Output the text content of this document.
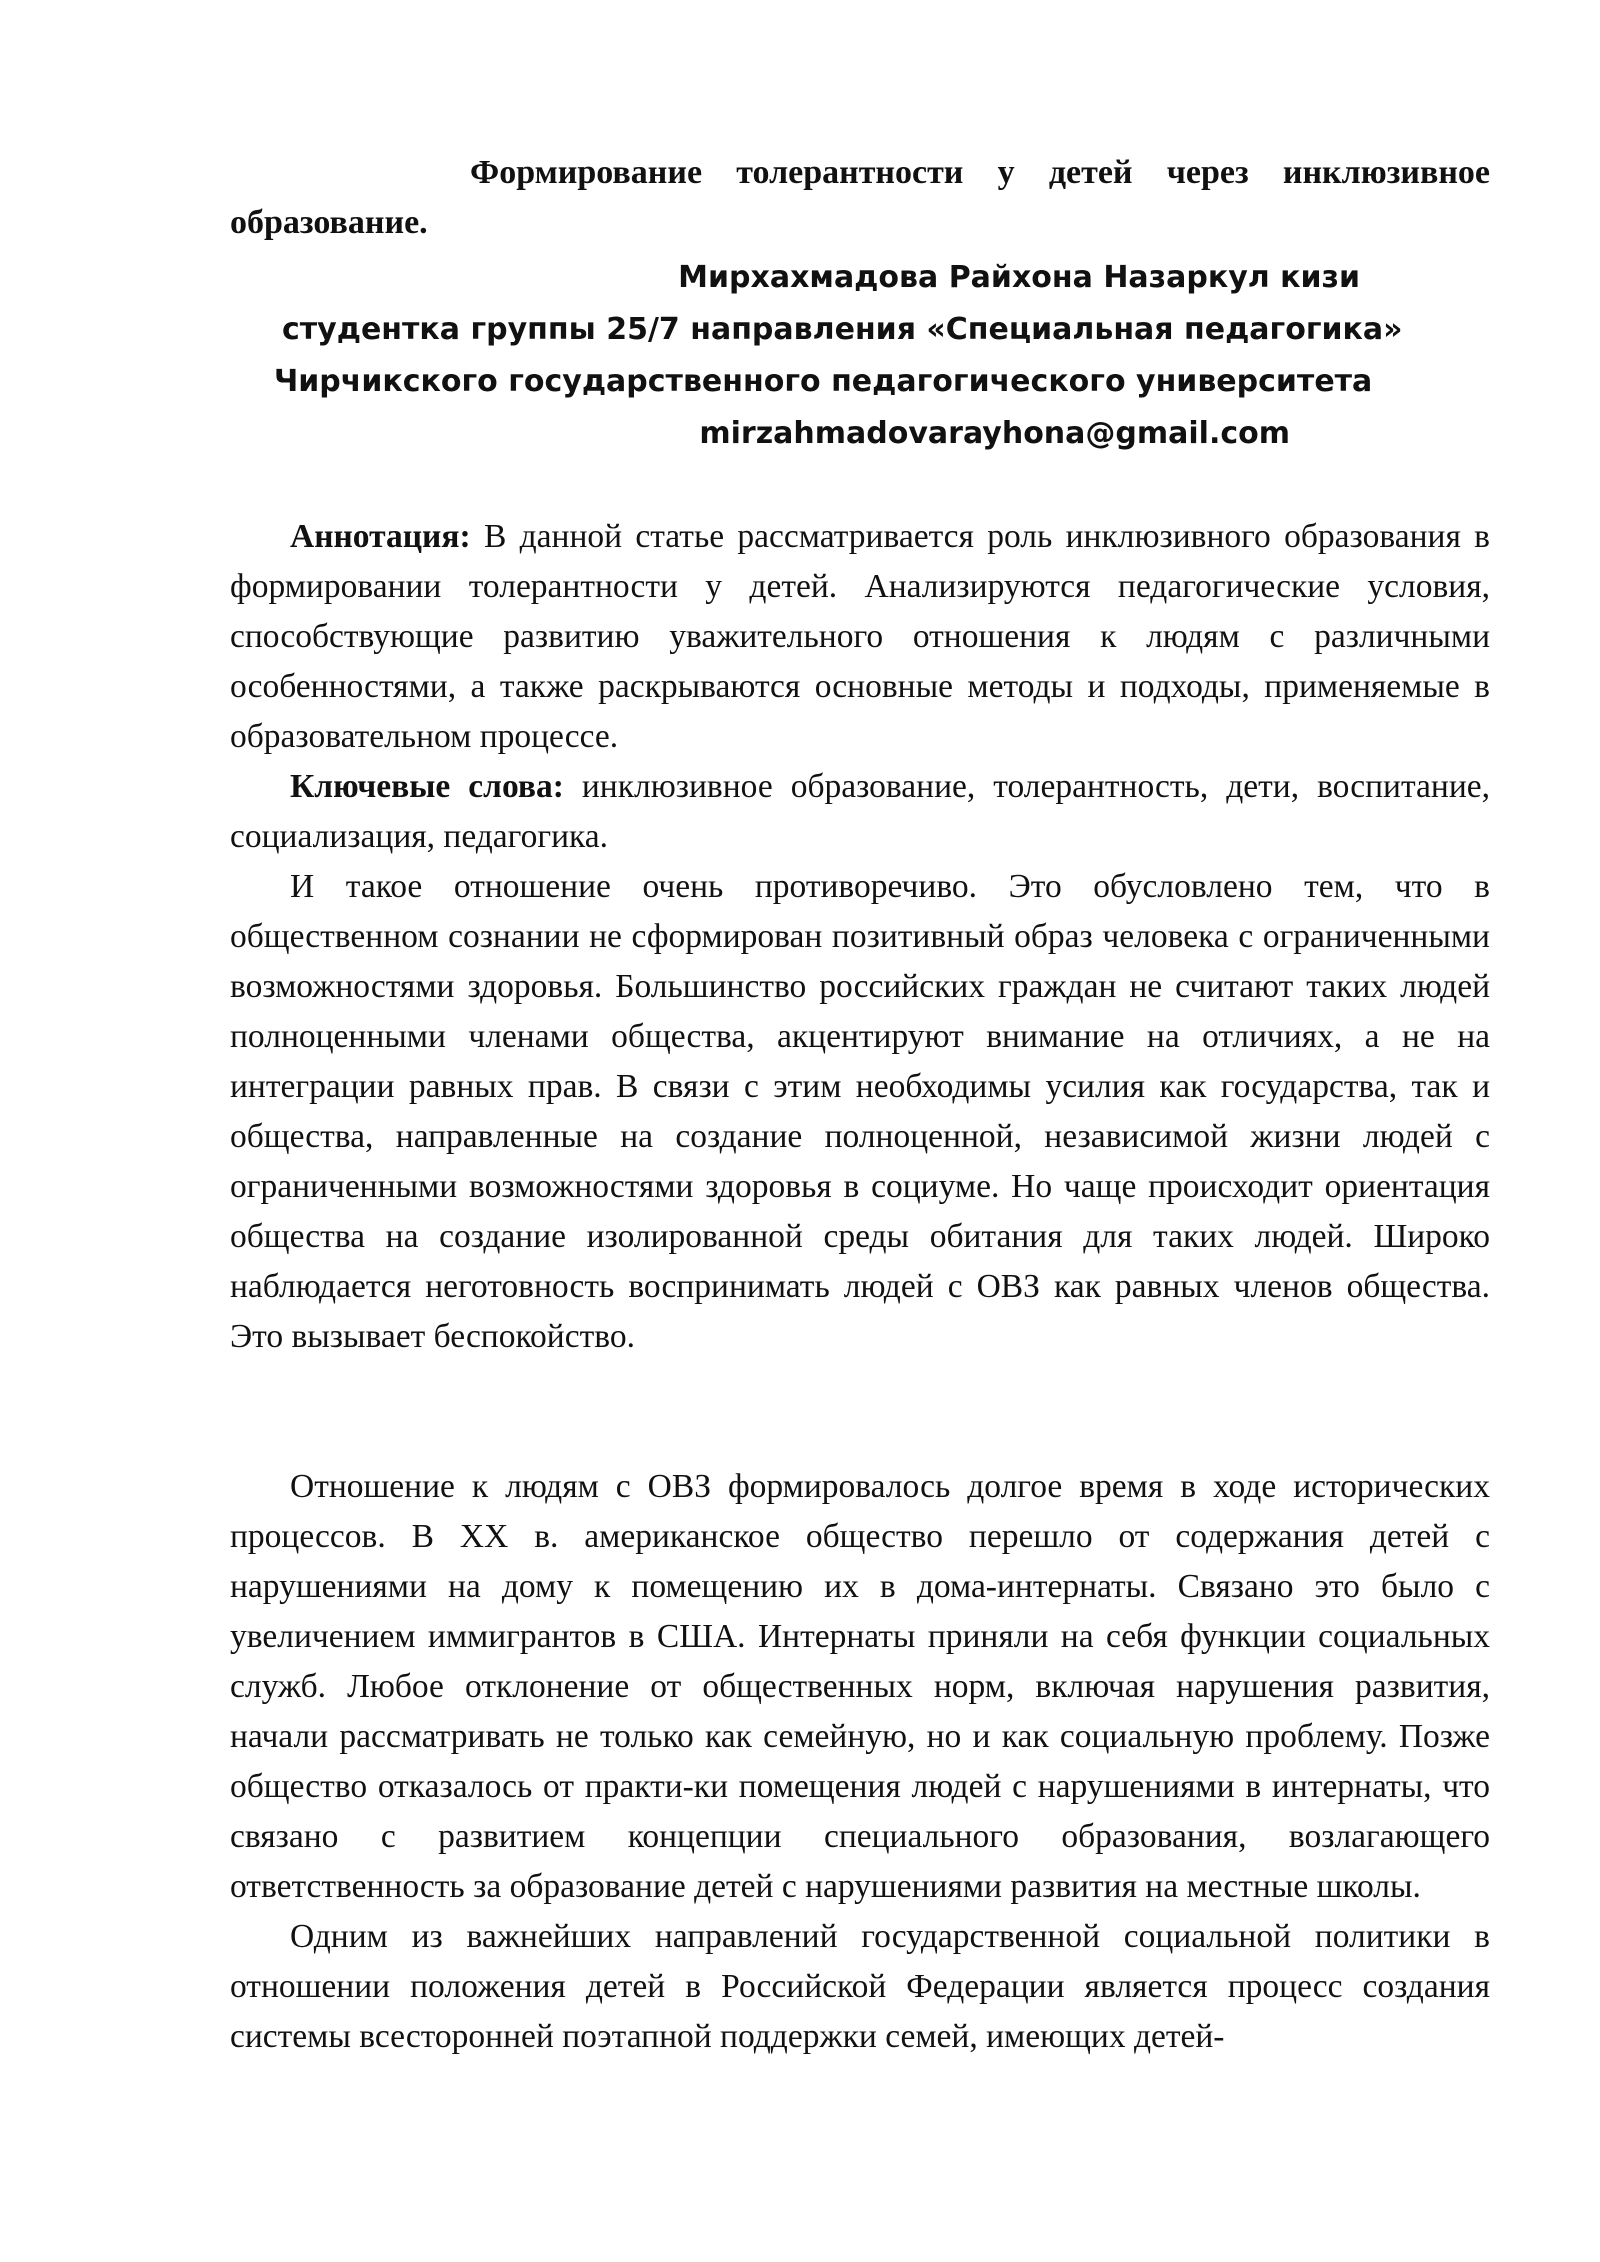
Формирование толерантности у детей через инклюзивное образование.

Мирхахмадова Райхона Назаркул кизи

студентка группы 25/7 направления «Специальная педагогика»

Чирчикского государственного педагогического университета

mirzahmadovarayhona@gmail.com

Аннотация: В данной статье рассматривается роль инклюзивного образования в формировании толерантности у детей. Анализируются педагогические условия, способствующие развитию уважительного отношения к людям с различными особенностями, а также раскрываются основные методы и подходы, применяемые в образовательном процессе.

Ключевые слова: инклюзивное образование, толерантность, дети, воспитание, социализация, педагогика.

И такое отношение очень противоречиво. Это обусловлено тем, что в общественном сознании не сформирован позитивный образ человека с ограниченными возможностями здоровья. Большинство российских граждан не считают таких людей полноценными членами общества, акцентируют внимание на отличиях, а не на интеграции равных прав. В связи с этим необходимы усилия как государства, так и общества, направленные на создание полноценной, независимой жизни людей с ограниченными возможностями здоровья в социуме. Но чаще происходит ориентация общества на создание изолированной среды обитания для таких людей. Широко наблюдается неготовность воспринимать людей с ОВЗ как равных членов общества. Это вызывает беспокойство.

Отношение к людям с ОВЗ формировалось долгое время в ходе исторических процессов. В XX в. американское общество перешло от содержания детей с нарушениями на дому к помещению их в дома-интернаты. Связано это было с увеличением иммигрантов в США. Интернаты приняли на себя функции социальных служб. Любое отклонение от общественных норм, включая нарушения развития, начали рассматривать не только как семейную, но и как социальную проблему. Позже общество отказалось от практи-ки помещения людей с нарушениями в интернаты, что связано с развитием концепции специального образования, возлагающего ответственность за образование детей с нарушениями развития на местные школы.

Одним из важнейших направлений государственной социальной политики в отношении положения детей в Российской Федерации является процесс создания системы всесторонней поэтапной поддержки семей, имеющих детей-
